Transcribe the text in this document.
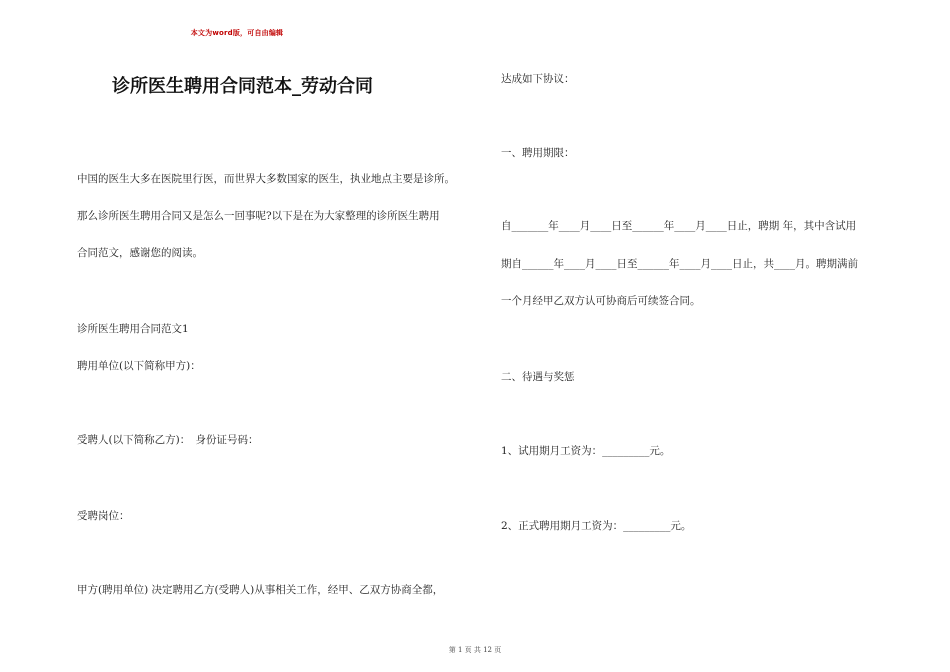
本文为word版，可自由编辑
诊所医生聘用合同范本_劳动合同
中国的医生大多在医院里行医，而世界大多数国家的医生，执业地点主要是诊所。
那么诊所医生聘用合同又是怎么一回事呢?以下是在为大家整理的诊所医生聘用
合同范文，感谢您的阅读。
诊所医生聘用合同范文1
聘用单位(以下简称甲方)：
受聘人(以下简称乙方)：　身份证号码：
受聘岗位：
甲方(聘用单位) 决定聘用乙方(受聘人)从事相关工作，经甲、乙双方协商全都，
达成如下协议：
一、聘用期限：
自_______年____月____日至______年____月____日止，聘期 年，其中含试用
期自______年____月____日至______年____月____日止，共____月。聘期满前
一个月经甲乙双方认可协商后可续签合同。
二、待遇与奖惩
1、试用期月工资为：_________元。
2、正式聘用期月工资为：_________元。
第 1 页 共 12 页
